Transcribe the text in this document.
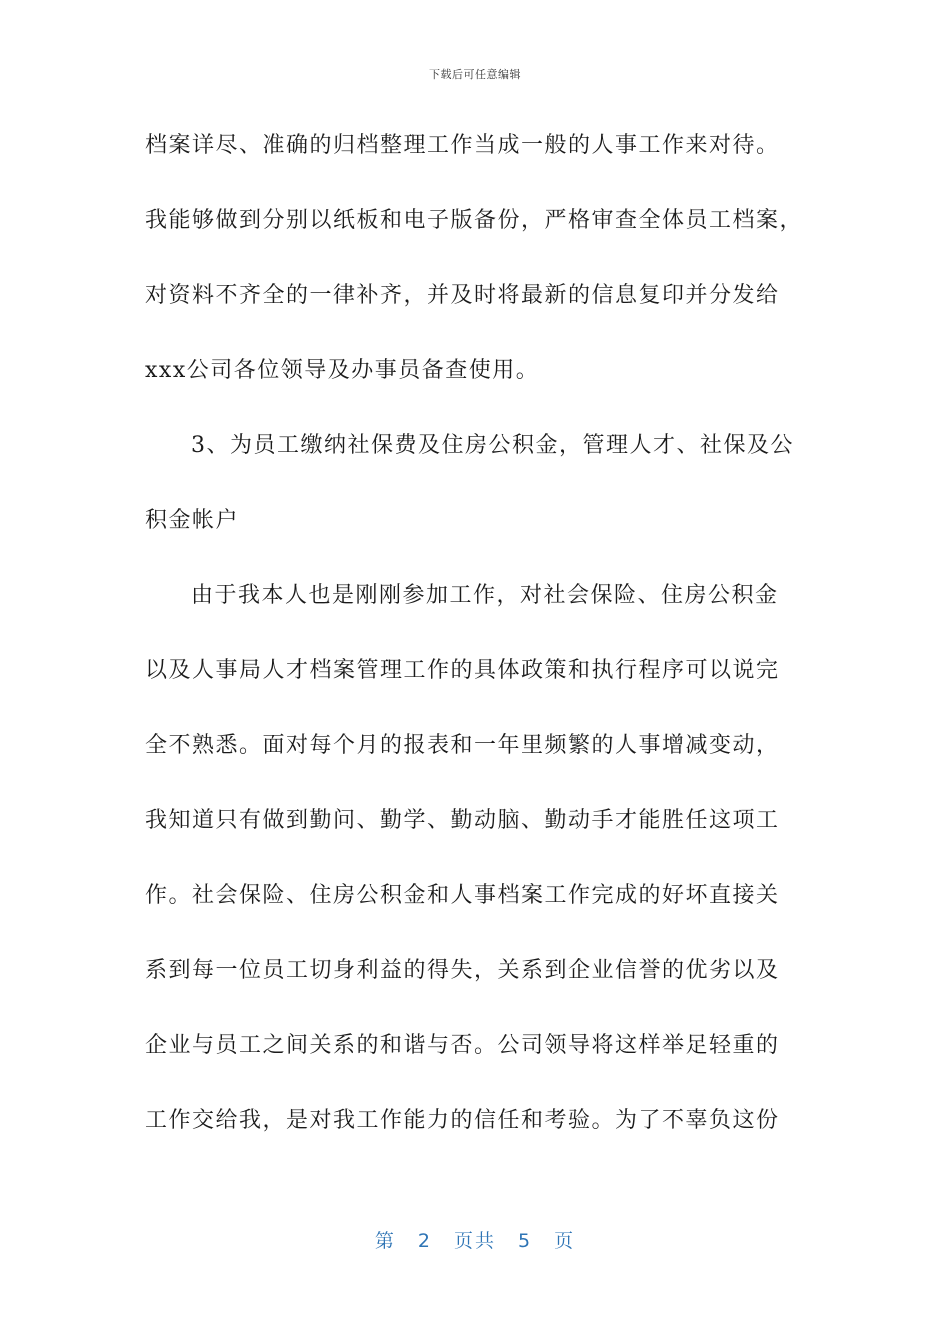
下载后可任意编辑
档案详尽、准确的归档整理工作当成一般的人事工作来对待。
我能够做到分别以纸板和电子版备份，严格审查全体员工档案，
对资料不齐全的一律补齐，并及时将最新的信息复印并分发给
xxx公司各位领导及办事员备查使用。
3、为员工缴纳社保费及住房公积金，管理人才、社保及公
积金帐户
由于我本人也是刚刚参加工作，对社会保险、住房公积金
以及人事局人才档案管理工作的具体政策和执行程序可以说完
全不熟悉。面对每个月的报表和一年里频繁的人事增减变动，
我知道只有做到勤问、勤学、勤动脑、勤动手才能胜任这项工
作。社会保险、住房公积金和人事档案工作完成的好坏直接关
系到每一位员工切身利益的得失，关系到企业信誉的优劣以及
企业与员工之间关系的和谐与否。公司领导将这样举足轻重的
工作交给我，是对我工作能力的信任和考验。为了不辜负这份
第 2 页共 5 页
